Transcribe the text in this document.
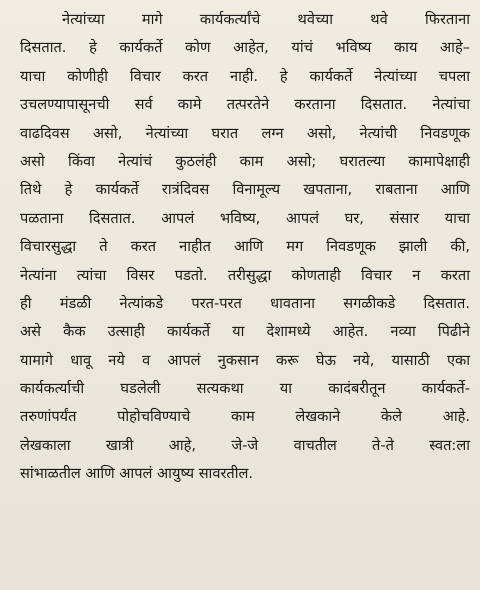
नेत्यांच्या मागे कार्यकर्त्यांचे थवेच्या थवे फिरताना
दिसतात. हे कार्यकर्ते कोण आहेत, यांचं भविष्य काय आहे–
याचा कोणीही विचार करत नाही. हे कार्यकर्ते नेत्यांच्या चपला
उचलण्यापासूनची सर्व कामे तत्परतेने करताना दिसतात. नेत्यांचा
वाढदिवस असो, नेत्यांच्या घरात लग्न असो, नेत्यांची निवडणूक
असो किंवा नेत्यांचं कुठलंही काम असो; घरातल्या कामापेक्षाही
तिथे हे कार्यकर्ते रात्रंदिवस विनामूल्य खपताना, राबताना आणि
पळताना दिसतात. आपलं भविष्य, आपलं घर, संसार याचा
विचारसुद्धा ते करत नाहीत आणि मग निवडणूक झाली की,
नेत्यांना त्यांचा विसर पडतो. तरीसुद्धा कोणताही विचार न करता
ही मंडळी नेत्यांकडे परत-परत धावताना सगळीकडे दिसतात.
असे कैक उत्साही कार्यकर्ते या देशामध्ये आहेत. नव्या पिढीने
यामागे धावू नये व आपलं नुकसान करू घेऊ नये, यासाठी एका
कार्यकर्त्याची घडलेली सत्यकथा या कादंबरीतून कार्यकर्ते-
तरुणांपर्यंत पोहोचविण्याचे काम लेखकाने केले आहे.
लेखकाला खात्री आहे, जे-जे वाचतील ते-ते स्वत:ला
सांभाळतील आणि आपलं आयुष्य सावरतील.
